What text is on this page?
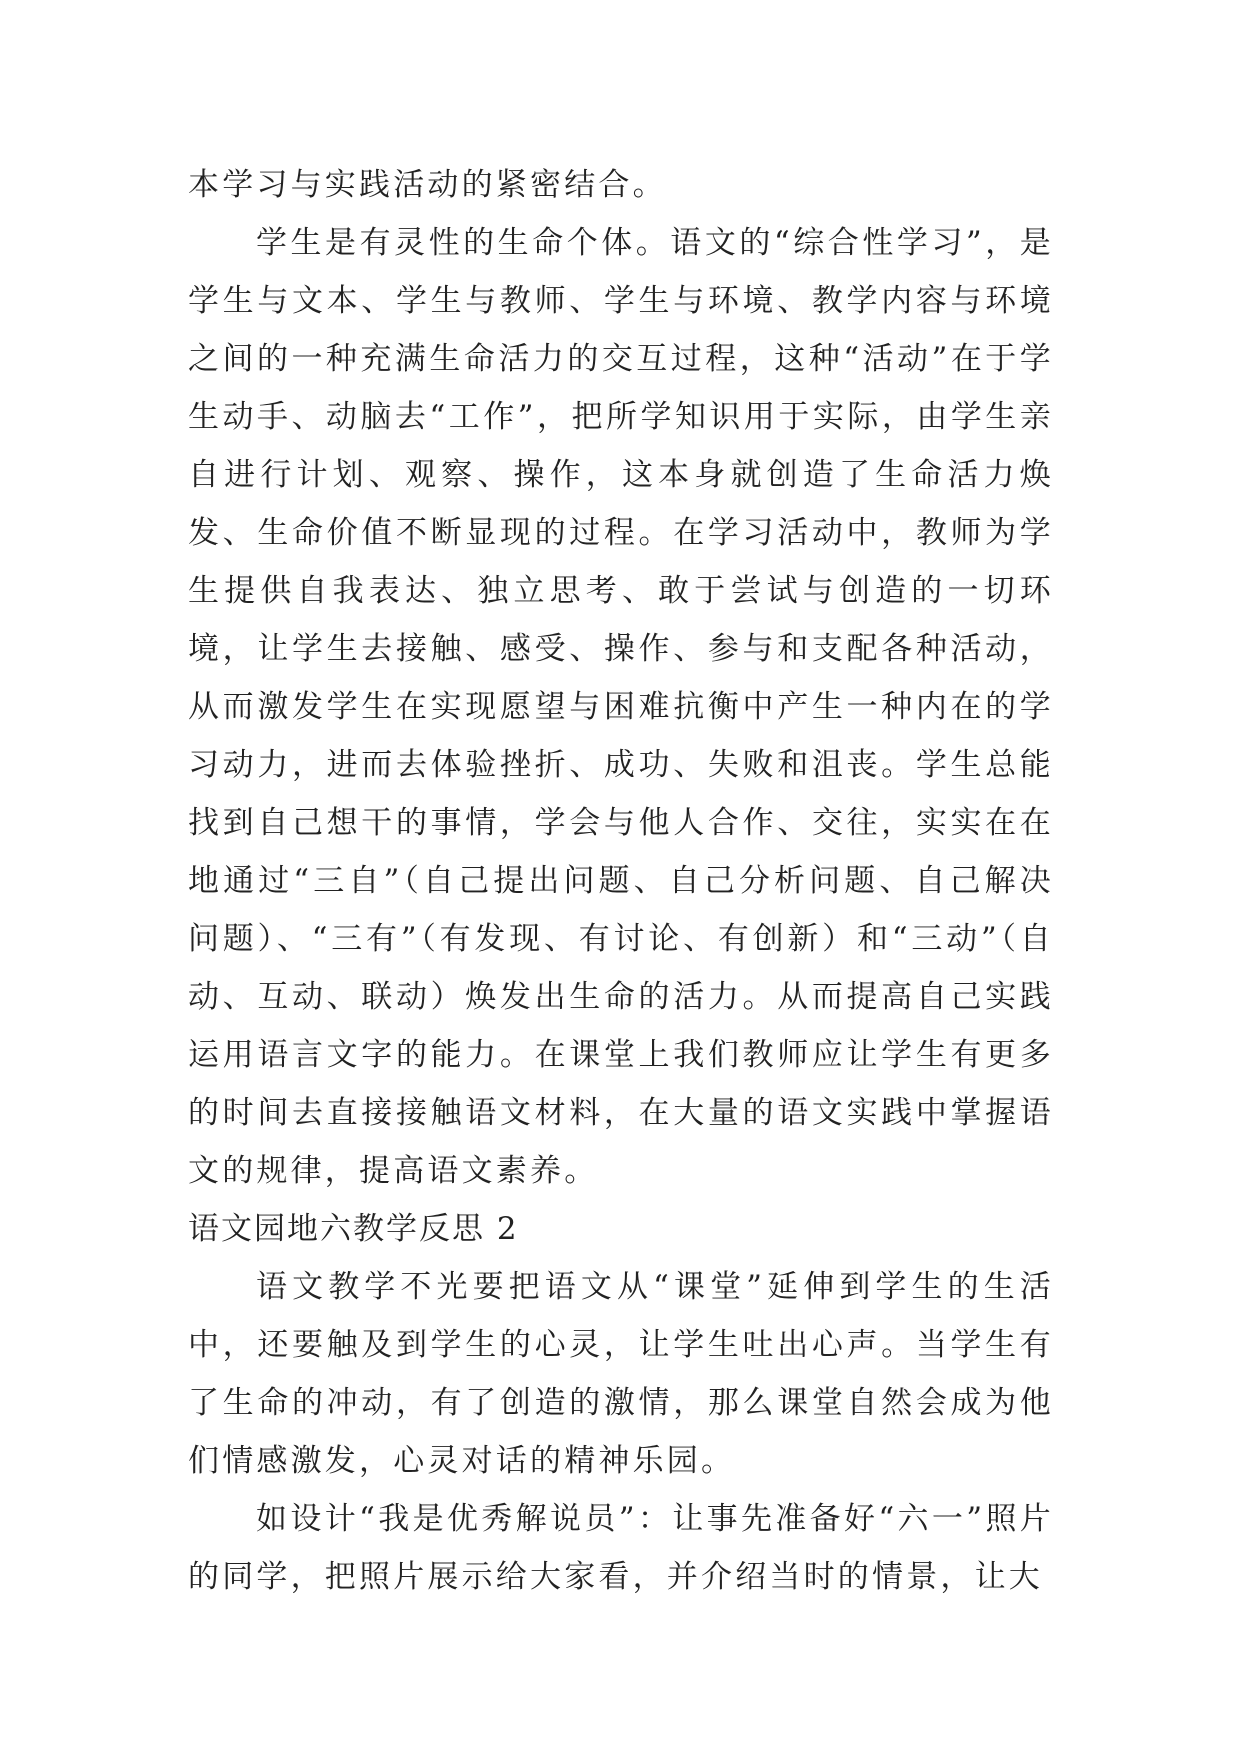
本学习与实践活动的紧密结合。

学生是有灵性的生命个体。语文的“综合性学习”，是学生与文本、学生与教师、学生与环境、教学内容与环境之间的一种充满生命活力的交互过程，这种“活动”在于学生动手、动脑去“工作”，把所学知识用于实际，由学生亲自进行计划、观察、操作，这本身就创造了生命活力焕发、生命价值不断显现的过程。在学习活动中，教师为学生提供自我表达、独立思考、敢于尝试与创造的一切环境，让学生去接触、感受、操作、参与和支配各种活动，从而激发学生在实现愿望与困难抗衡中产生一种内在的学习动力，进而去体验挫折、成功、失败和沮丧。学生总能找到自己想干的事情，学会与他人合作、交往，实实在在地通过“三自”（自己提出问题、自己分析问题、自己解决问题）、“三有”（有发现、有讨论、有创新）和“三动”（自动、互动、联动）焕发出生命的活力。从而提高自己实践运用语言文字的能力。在课堂上我们教师应让学生有更多的时间去直接接触语文材料，在大量的语文实践中掌握语文的规律，提高语文素养。

语文园地六教学反思 2

语文教学不光要把语文从“课堂”延伸到学生的生活中，还要触及到学生的心灵，让学生吐出心声。当学生有了生命的冲动，有了创造的激情，那么课堂自然会成为他们情感激发，心灵对话的精神乐园。

如设计“我是优秀解说员”：让事先准备好“六一”照片的同学，把照片展示给大家看，并介绍当时的情景，让大
